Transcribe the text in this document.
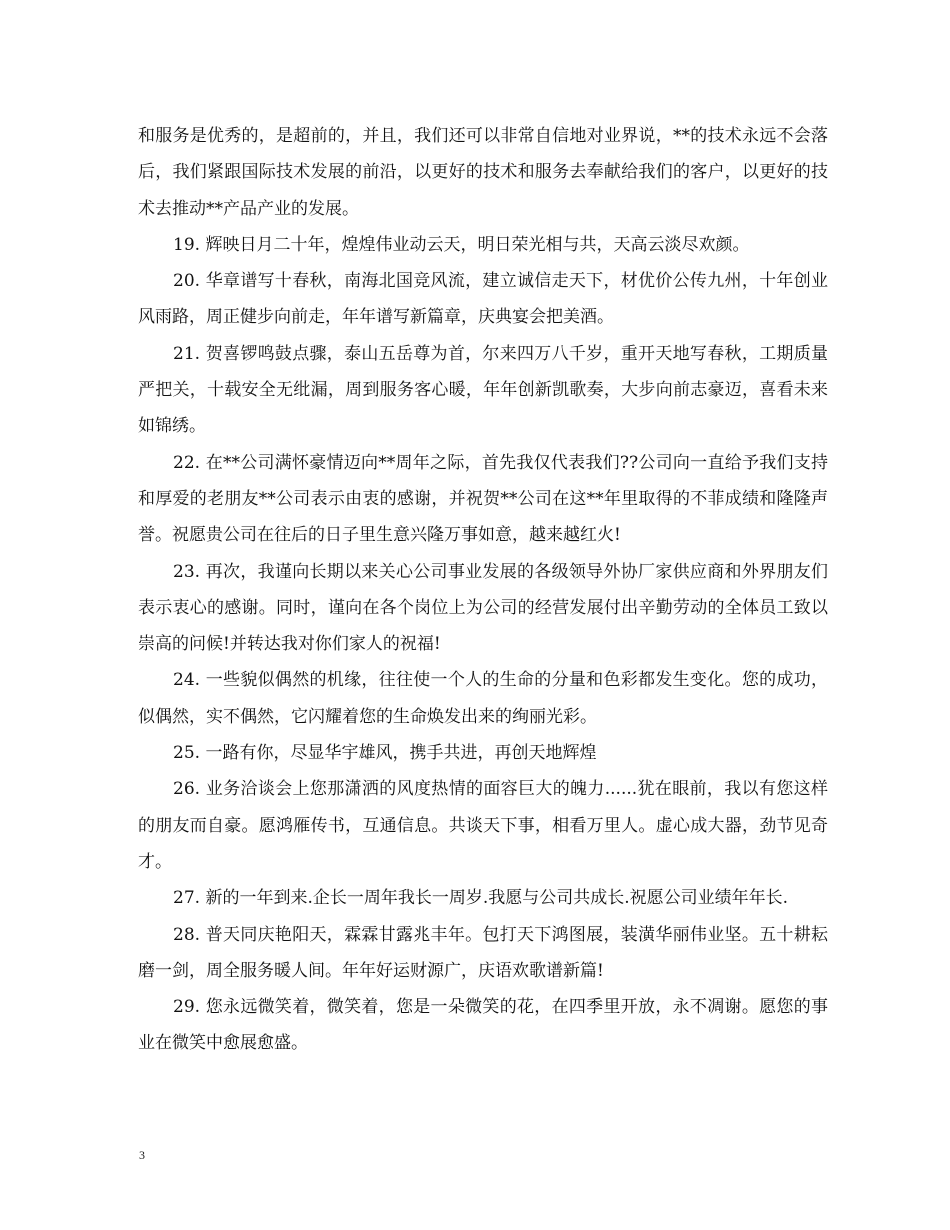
和服务是优秀的，是超前的，并且，我们还可以非常自信地对业界说，**的技术永远不会落后，我们紧跟国际技术发展的前沿，以更好的技术和服务去奉献给我们的客户，以更好的技术去推动**产品产业的发展。

19. 辉映日月二十年，煌煌伟业动云天，明日荣光相与共，天高云淡尽欢颜。

20. 华章谱写十春秋，南海北国竞风流，建立诚信走天下，材优价公传九州，十年创业风雨路，周正健步向前走，年年谱写新篇章，庆典宴会把美酒。

21. 贺喜锣鸣鼓点骤，泰山五岳尊为首，尔来四万八千岁，重开天地写春秋，工期质量严把关，十载安全无纰漏，周到服务客心暖，年年创新凯歌奏，大步向前志豪迈，喜看未来如锦绣。

22. 在**公司满怀豪情迈向**周年之际，首先我仅代表我们??公司向一直给予我们支持和厚爱的老朋友**公司表示由衷的感谢，并祝贺**公司在这**年里取得的不菲成绩和隆隆声誉。祝愿贵公司在往后的日子里生意兴隆万事如意，越来越红火!

23. 再次，我谨向长期以来关心公司事业发展的各级领导外协厂家供应商和外界朋友们表示衷心的感谢。同时，谨向在各个岗位上为公司的经营发展付出辛勤劳动的全体员工致以崇高的问候!并转达我对你们家人的祝福!

24. 一些貌似偶然的机缘，往往使一个人的生命的分量和色彩都发生变化。您的成功，似偶然，实不偶然，它闪耀着您的生命焕发出来的绚丽光彩。

25. 一路有你，尽显华宇雄风，携手共进，再创天地辉煌

26. 业务洽谈会上您那潇洒的风度热情的面容巨大的魄力......犹在眼前，我以有您这样的朋友而自豪。愿鸿雁传书，互通信息。共谈天下事，相看万里人。虚心成大器，劲节见奇才。

27. 新的一年到来.企长一周年我长一周岁.我愿与公司共成长.祝愿公司业绩年年长.

28. 普天同庆艳阳天，霖霖甘露兆丰年。包打天下鸿图展，装潢华丽伟业坚。五十耕耘磨一剑，周全服务暖人间。年年好运财源广，庆语欢歌谱新篇!

29. 您永远微笑着，微笑着，您是一朵微笑的花，在四季里开放，永不凋谢。愿您的事业在微笑中愈展愈盛。

3
